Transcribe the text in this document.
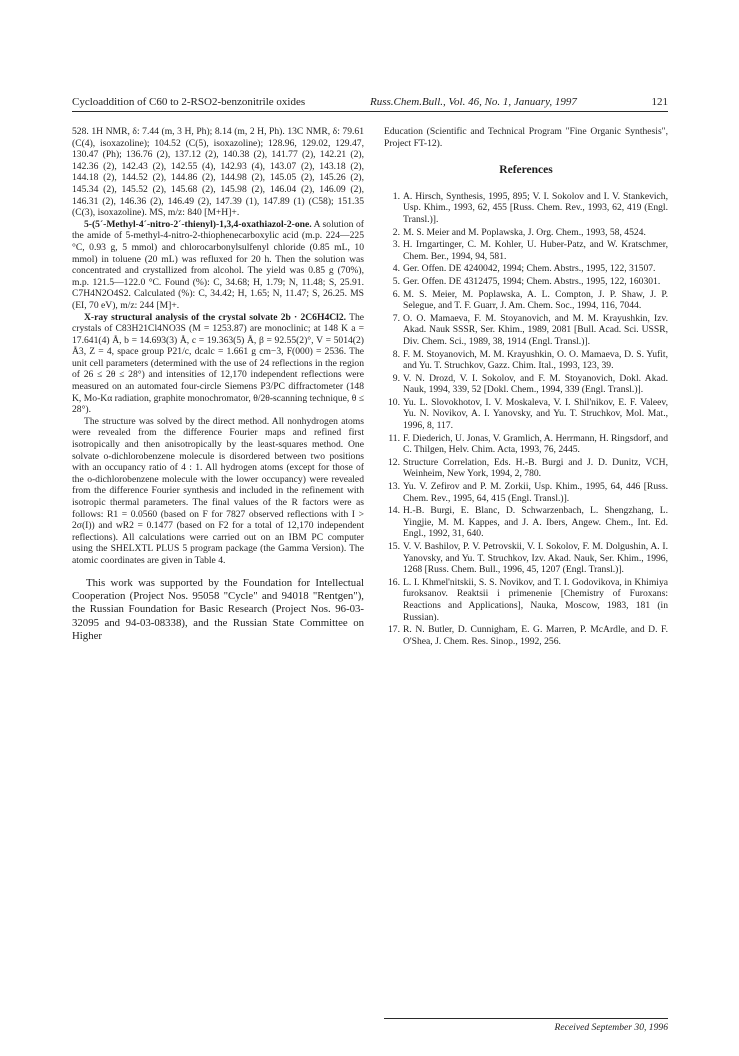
Cycloaddition of C60 to 2-RSO2-benzonitrile oxides	Russ.Chem.Bull., Vol. 46, No. 1, January, 1997	121

528. 1H NMR, δ: 7.44 (m, 3 H, Ph); 8.14 (m, 2 H, Ph). 13C NMR, δ: 79.61 (C(4), isoxazoline); 104.52 (C(5), isoxazoline); 128.96, 129.02, 129.47, 130.47 (Ph); 136.76 (2), 137.12 (2), 140.38 (2), 141.77 (2), 142.21 (2), 142.36 (2), 142.43 (2), 142.55 (4), 142.93 (4), 143.07 (2), 143.18 (2), 144.18 (2), 144.52 (2), 144.86 (2), 144.98 (2), 145.05 (2), 145.26 (2), 145.34 (2), 145.52 (2), 145.68 (2), 145.98 (2), 146.04 (2), 146.09 (2), 146.31 (2), 146.36 (2), 146.49 (2), 147.39 (1), 147.89 (1) (C58); 151.35 (C(3), isoxazoline). MS, m/z: 840 [M+H]+.

5-(5´-Methyl-4´-nitro-2´-thienyl)-1,3,4-oxathiazol-2-one. A solution of the amide of 5-methyl-4-nitro-2-thiophenecarboxylic acid (m.p. 224—225 °C, 0.93 g, 5 mmol) and chlorocarbonylsulfenyl chloride (0.85 mL, 10 mmol) in toluene (20 mL) was refluxed for 20 h. Then the solution was concentrated and crystallized from alcohol. The yield was 0.85 g (70%), m.p. 121.5—122.0 °C. Found (%): C, 34.68; H, 1.79; N, 11.48; S, 25.91. C7H4N2O4S2. Calculated (%): C, 34.42; H, 1.65; N, 11.47; S, 26.25. MS (EI, 70 eV), m/z: 244 [M]+.

X-ray structural analysis of the crystal solvate 2b · 2C6H4Cl2. The crystals of C83H21Cl4NO3S (M = 1253.87) are monoclinic; at 148 K a = 17.641(4) Å, b = 14.693(3) Å, c = 19.363(5) Å, β = 92.55(2)°, V = 5014(2) Å3, Z = 4, space group P21/c, dcalc = 1.661 g cm−3, F(000) = 2536. The unit cell parameters (determined with the use of 24 reflections in the region of 26 ≤ 2θ ≤ 28°) and intensities of 12,170 independent reflections were measured on an automated four-circle Siemens P3/PC diffractometer (148 K, Mo-Kα radiation, graphite monochromator, θ/2θ-scanning technique, θ ≤ 28°).

The structure was solved by the direct method. All nonhydrogen atoms were revealed from the difference Fourier maps and refined first isotropically and then anisotropically by the least-squares method. One solvate o-dichlorobenzene molecule is disordered between two positions with an occupancy ratio of 4 : 1. All hydrogen atoms (except for those of the o-dichlorobenzene molecule with the lower occupancy) were revealed from the difference Fourier synthesis and included in the refinement with isotropic thermal parameters. The final values of the R factors were as follows: R1 = 0.0560 (based on F for 7827 observed reflections with I > 2σ(I)) and wR2 = 0.1477 (based on F2 for a total of 12,170 independent reflections). All calculations were carried out on an IBM PC computer using the SHELXTL PLUS 5 program package (the Gamma Version). The atomic coordinates are given in Table 4.

This work was supported by the Foundation for Intellectual Cooperation (Project Nos. 95058 "Cycle" and 94018 "Rentgen"), the Russian Foundation for Basic Research (Project Nos. 96-03-32095 and 94-03-08338), and the Russian State Committee on Higher

Education (Scientific and Technical Program "Fine Organic Synthesis", Project FT-12).

References
1. A. Hirsch, Synthesis, 1995, 895; V. I. Sokolov and I. V. Stankevich, Usp. Khim., 1993, 62, 455 [Russ. Chem. Rev., 1993, 62, 419 (Engl. Transl.)].
2. M. S. Meier and M. Poplawska, J. Org. Chem., 1993, 58, 4524.
3. H. Irngartinger, C. M. Kohler, U. Huber-Patz, and W. Kratschmer, Chem. Ber., 1994, 94, 581.
4. Ger. Offen. DE 4240042, 1994; Chem. Abstrs., 1995, 122, 31507.
5. Ger. Offen. DE 4312475, 1994; Chem. Abstrs., 1995, 122, 160301.
6. M. S. Meier, M. Poplawska, A. L. Compton, J. P. Shaw, J. P. Selegue, and T. F. Guarr, J. Am. Chem. Soc., 1994, 116, 7044.
7. O. O. Mamaeva, F. M. Stoyanovich, and M. M. Krayushkin, Izv. Akad. Nauk SSSR, Ser. Khim., 1989, 2081 [Bull. Acad. Sci. USSR, Div. Chem. Sci., 1989, 38, 1914 (Engl. Transl.)].
8. F. M. Stoyanovich, M. M. Krayushkin, O. O. Mamaeva, D. S. Yufit, and Yu. T. Struchkov, Gazz. Chim. Ital., 1993, 123, 39.
9. V. N. Drozd, V. I. Sokolov, and F. M. Stoyanovich, Dokl. Akad. Nauk, 1994, 339, 52 [Dokl. Chem., 1994, 339 (Engl. Transl.)].
10. Yu. L. Slovokhotov, I. V. Moskaleva, V. I. Shil'nikov, E. F. Valeev, Yu. N. Novikov, A. I. Yanovsky, and Yu. T. Struchkov, Mol. Mat., 1996, 8, 117.
11. F. Diederich, U. Jonas, V. Gramlich, A. Herrmann, H. Ringsdorf, and C. Thilgen, Helv. Chim. Acta, 1993, 76, 2445.
12. Structure Correlation, Eds. H.-B. Burgi and J. D. Dunitz, VCH, Weinheim, New York, 1994, 2, 780.
13. Yu. V. Zefirov and P. M. Zorkii, Usp. Khim., 1995, 64, 446 [Russ. Chem. Rev., 1995, 64, 415 (Engl. Transl.)].
14. H.-B. Burgi, E. Blanc, D. Schwarzenbach, L. Shengzhang, L. Yingjie, M. M. Kappes, and J. A. Ibers, Angew. Chem., Int. Ed. Engl., 1992, 31, 640.
15. V. V. Bashilov, P. V. Petrovskii, V. I. Sokolov, F. M. Dolgushin, A. I. Yanovsky, and Yu. T. Struchkov, Izv. Akad. Nauk, Ser. Khim., 1996, 1268 [Russ. Chem. Bull., 1996, 45, 1207 (Engl. Transl.)].
16. L. I. Khmel'nitskii, S. S. Novikov, and T. I. Godovikova, in Khimiya furoksanov. Reaktsii i primenenie [Chemistry of Furoxans: Reactions and Applications], Nauka, Moscow, 1983, 181 (in Russian).
17. R. N. Butler, D. Cunnigham, E. G. Marren, P. McArdle, and D. F. O'Shea, J. Chem. Res. Sinop., 1992, 256.
Received September 30, 1996
